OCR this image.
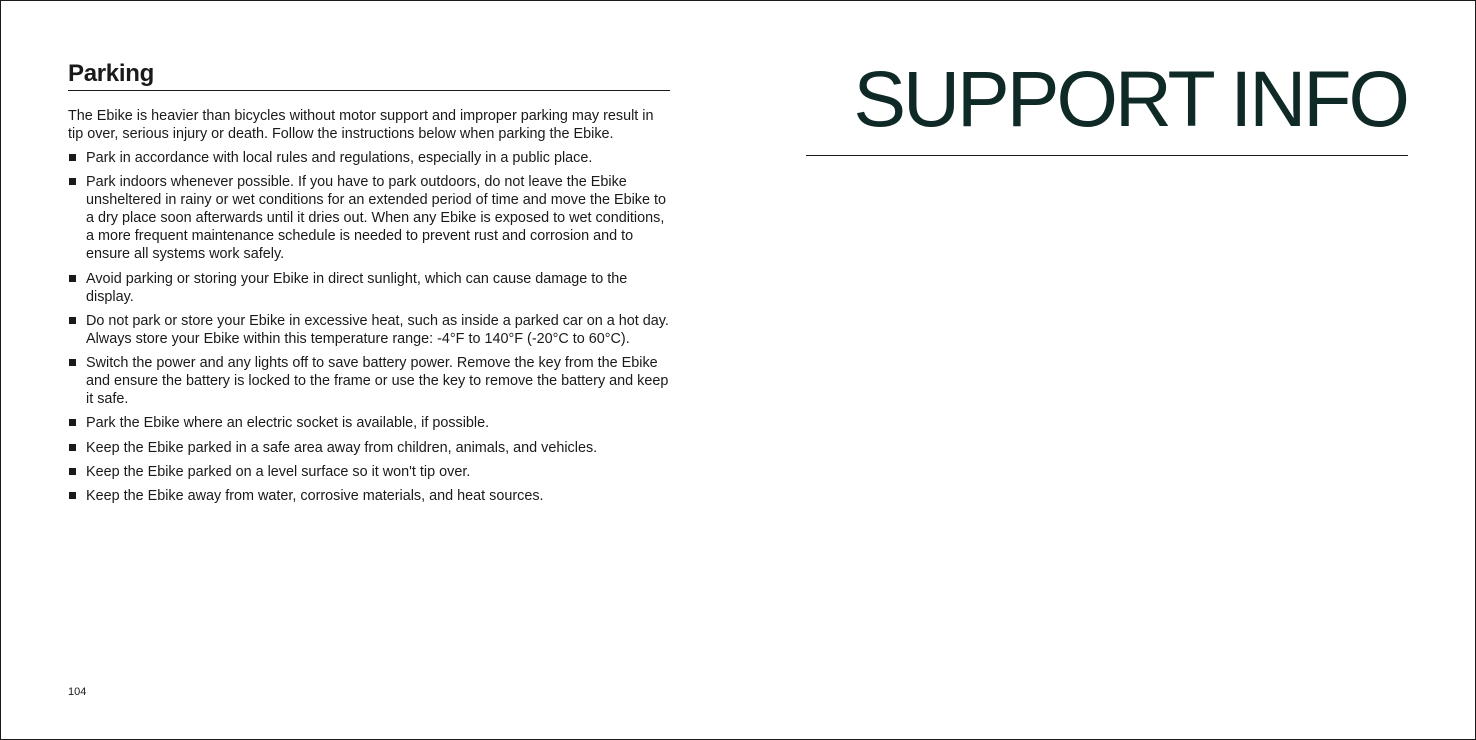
Parking

The Ebike is heavier than bicycles without motor support and improper parking may result in tip over, serious injury or death. Follow the instructions below when parking the Ebike.

Park in accordance with local rules and regulations, especially in a public place.
Park indoors whenever possible. If you have to park outdoors, do not leave the Ebike unsheltered in rainy or wet conditions for an extended period of time and move the Ebike to a dry place soon afterwards until it dries out. When any Ebike is exposed to wet conditions, a more frequent maintenance schedule is needed to prevent rust and corrosion and to ensure all systems work safely.
Avoid parking or storing your Ebike in direct sunlight, which can cause damage to the display.
Do not park or store your Ebike in excessive heat, such as inside a parked car on a hot day. Always store your Ebike within this temperature range: -4°F to 140°F (-20°C to 60°C).
Switch the power and any lights off to save battery power. Remove the key from the Ebike and ensure the battery is locked to the frame or use the key to remove the battery and keep it safe.
Park the Ebike where an electric socket is available, if possible.
Keep the Ebike parked in a safe area away from children, animals, and vehicles.
Keep the Ebike parked on a level surface so it won't tip over.
Keep the Ebike away from water, corrosive materials, and heat sources.
104
SUPPORT INFO
